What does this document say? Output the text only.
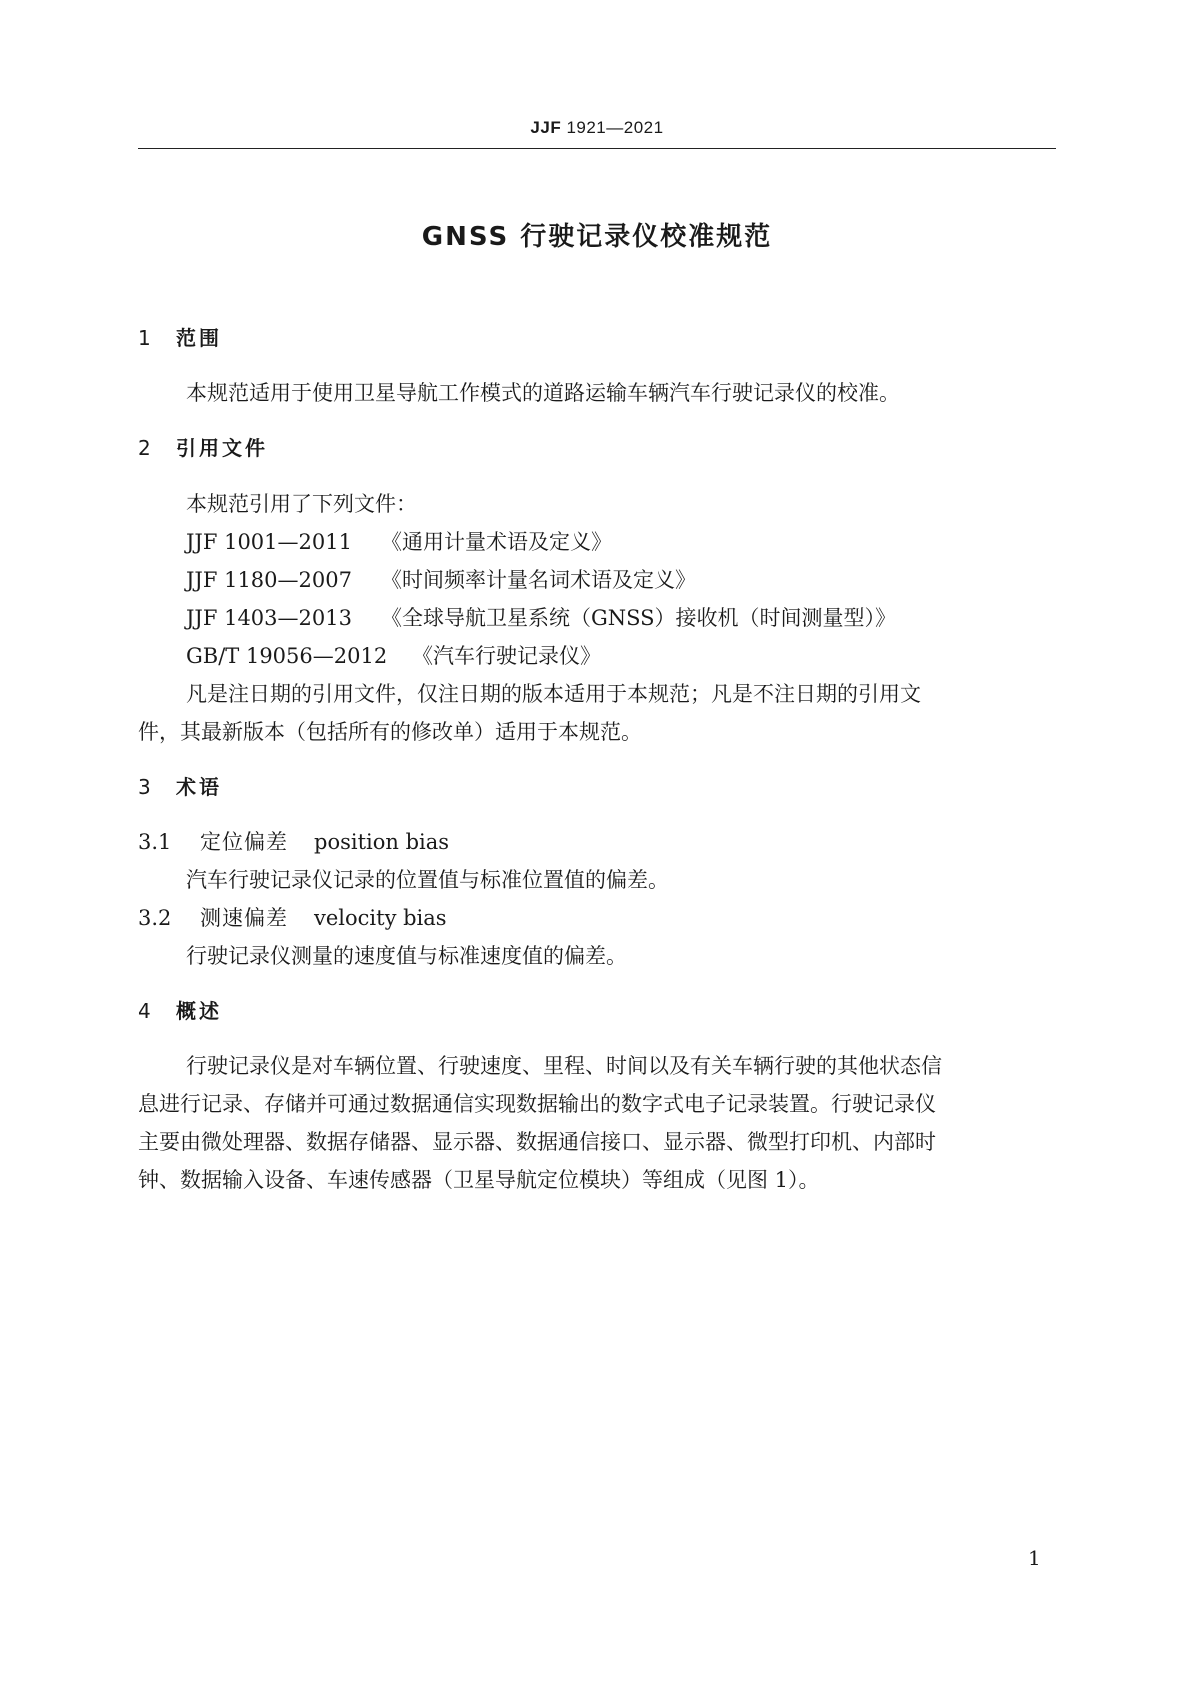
JJF 1921—2021
GNSS 行驶记录仪校准规范
1 范围
本规范适用于使用卫星导航工作模式的道路运输车辆汽车行驶记录仪的校准。
2 引用文件
本规范引用了下列文件：
JJF 1001—2011 《通用计量术语及定义》
JJF 1180—2007 《时间频率计量名词术语及定义》
JJF 1403—2013 《全球导航卫星系统（GNSS）接收机（时间测量型）》
GB/T 19056—2012 《汽车行驶记录仪》
凡是注日期的引用文件，仅注日期的版本适用于本规范；凡是不注日期的引用文
件，其最新版本（包括所有的修改单）适用于本规范。
3 术语
3.1 定位偏差 position bias
汽车行驶记录仪记录的位置值与标准位置值的偏差。
3.2 测速偏差 velocity bias
行驶记录仪测量的速度值与标准速度值的偏差。
4 概述
行驶记录仪是对车辆位置、行驶速度、里程、时间以及有关车辆行驶的其他状态信
息进行记录、存储并可通过数据通信实现数据输出的数字式电子记录装置。行驶记录仪
主要由微处理器、数据存储器、显示器、数据通信接口、显示器、微型打印机、内部时
钟、数据输入设备、车速传感器（卫星导航定位模块）等组成（见图 1）。
1
